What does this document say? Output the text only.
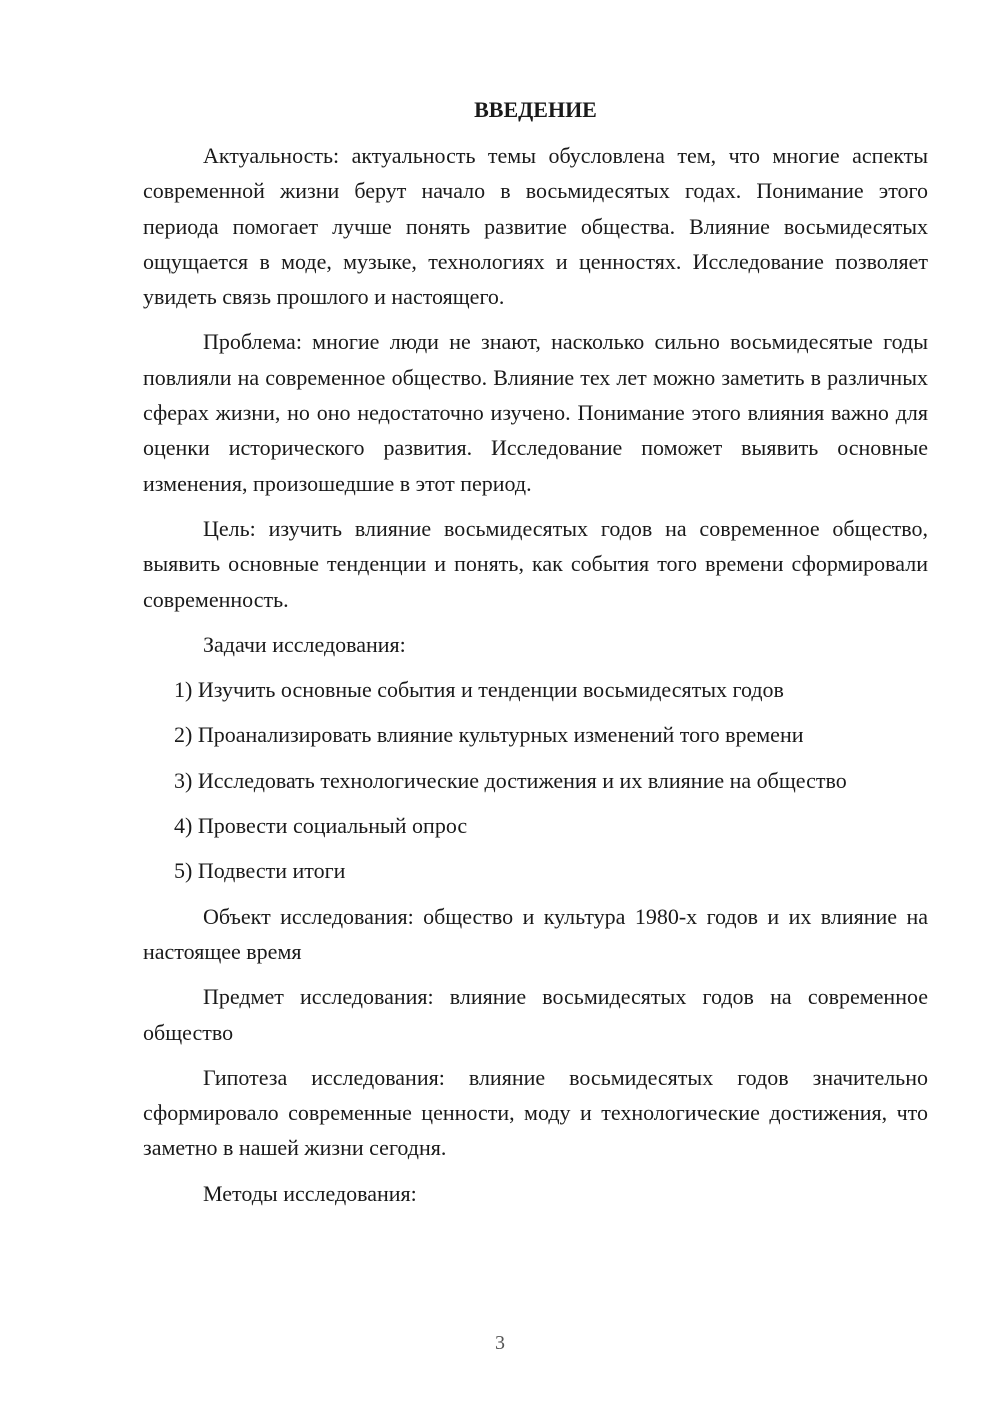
ВВЕДЕНИЕ

Актуальность: актуальность темы обусловлена тем, что многие аспекты современной жизни берут начало в восьмидесятых годах. Понимание этого периода помогает лучше понять развитие общества. Влияние восьмидесятых ощущается в моде, музыке, технологиях и ценностях. Исследование позволяет увидеть связь прошлого и настоящего.

Проблема: многие люди не знают, насколько сильно восьмидесятые годы повлияли на современное общество. Влияние тех лет можно заметить в различных сферах жизни, но оно недостаточно изучено. Понимание этого влияния важно для оценки исторического развития. Исследование поможет выявить основные изменения, произошедшие в этот период.

Цель: изучить влияние восьмидесятых годов на современное общество, выявить основные тенденции и понять, как события того времени сформировали современность.

Задачи исследования:

1) Изучить основные события и тенденции восьмидесятых годов
2) Проанализировать влияние культурных изменений того времени
3) Исследовать технологические достижения и их влияние на общество
4) Провести социальный опрос
5) Подвести итоги

Объект исследования: общество и культура 1980-х годов и их влияние на настоящее время

Предмет исследования: влияние восьмидесятых годов на современное общество

Гипотеза исследования: влияние восьмидесятых годов значительно сформировало современные ценности, моду и технологические достижения, что заметно в нашей жизни сегодня.

Методы исследования:

3
